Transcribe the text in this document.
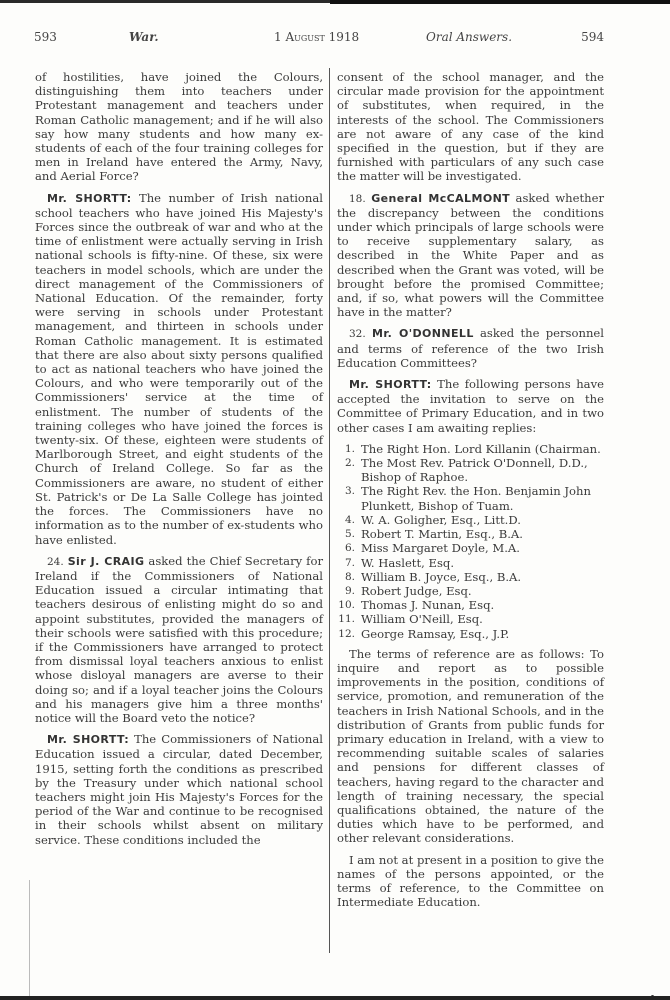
593	War.	1 August 1918	Oral Answers.	594

of hostilities, have joined the Colours, distinguishing them into teachers under Protestant management and teachers under Roman Catholic management; and if he will also say how many students and how many ex-students of each of the four training colleges for men in Ireland have entered the Army, Navy, and Aerial Force?

Mr. SHORTT: The number of Irish national school teachers who have joined His Majesty's Forces since the outbreak of war and who at the time of enlistment were actually serving in Irish national schools is fifty-nine. Of these, six were teachers in model schools, which are under the direct management of the Commissioners of National Education. Of the remainder, forty were serving in schools under Protestant management, and thirteen in schools under Roman Catholic management. It is estimated that there are also about sixty persons qualified to act as national teachers who have joined the Colours, and who were temporarily out of the Commissioners' service at the time of enlistment. The number of students of the training colleges who have joined the forces is twenty-six. Of these, eighteen were students of Marlborough Street, and eight students of the Church of Ireland College. So far as the Commissioners are aware, no student of either St. Patrick's or De La Salle College has jointed the forces. The Commissioners have no information as to the number of ex-students who have enlisted.

24. Sir J. CRAIG asked the Chief Secretary for Ireland if the Commissioners of National Education issued a circular intimating that teachers desirous of enlisting might do so and appoint substitutes, provided the managers of their schools were satisfied with this procedure; if the Commissioners have arranged to protect from dismissal loyal teachers anxious to enlist whose disloyal managers are averse to their doing so; and if a loyal teacher joins the Colours and his managers give him a three months' notice will the Board veto the notice?

Mr. SHORTT: The Commissioners of National Education issued a circular, dated December, 1915, setting forth the conditions as prescribed by the Treasury under which national school teachers might join His Majesty's Forces for the period of the War and continue to be recognised in their schools whilst absent on military service. These conditions included the

consent of the school manager, and the circular made provision for the appointment of substitutes, when required, in the interests of the school. The Commissioners are not aware of any case of the kind specified in the question, but if they are furnished with particulars of any such case the matter will be investigated.

18. General McCALMONT asked whether the discrepancy between the conditions under which principals of large schools were to receive supplementary salary, as described in the White Paper and as described when the Grant was voted, will be brought before the promised Committee; and, if so, what powers will the Committee have in the matter?

32. Mr. O'DONNELL asked the personnel and terms of reference of the two Irish Education Committees?

Mr. SHORTT: The following persons have accepted the invitation to serve on the Committee of Primary Education, and in two other cases I am awaiting replies:

1. The Right Hon. Lord Killanin (Chairman.
2. The Most Rev. Patrick O'Donnell, D.D., Bishop of Raphoe.
3. The Right Rev. the Hon. Benjamin John Plunkett, Bishop of Tuam.
4. W. A. Goligher, Esq., Litt.D.
5. Robert T. Martin, Esq., B.A.
6. Miss Margaret Doyle, M.A.
7. W. Haslett, Esq.
8. William B. Joyce, Esq., B.A.
9. Robert Judge, Esq.
10. Thomas J. Nunan, Esq.
11. William O'Neill, Esq.
12. George Ramsay, Esq., J.P.

The terms of reference are as follows: To inquire and report as to possible improvements in the position, conditions of service, promotion, and remuneration of the teachers in Irish National Schools, and in the distribution of Grants from public funds for primary education in Ireland, with a view to recommending suitable scales of salaries and pensions for different classes of teachers, having regard to the character and length of training necessary, the special qualifications obtained, the nature of the duties which have to be performed, and other relevant considerations.

I am not at present in a position to give the names of the persons appointed, or the terms of reference, to the Committee on Intermediate Education.
